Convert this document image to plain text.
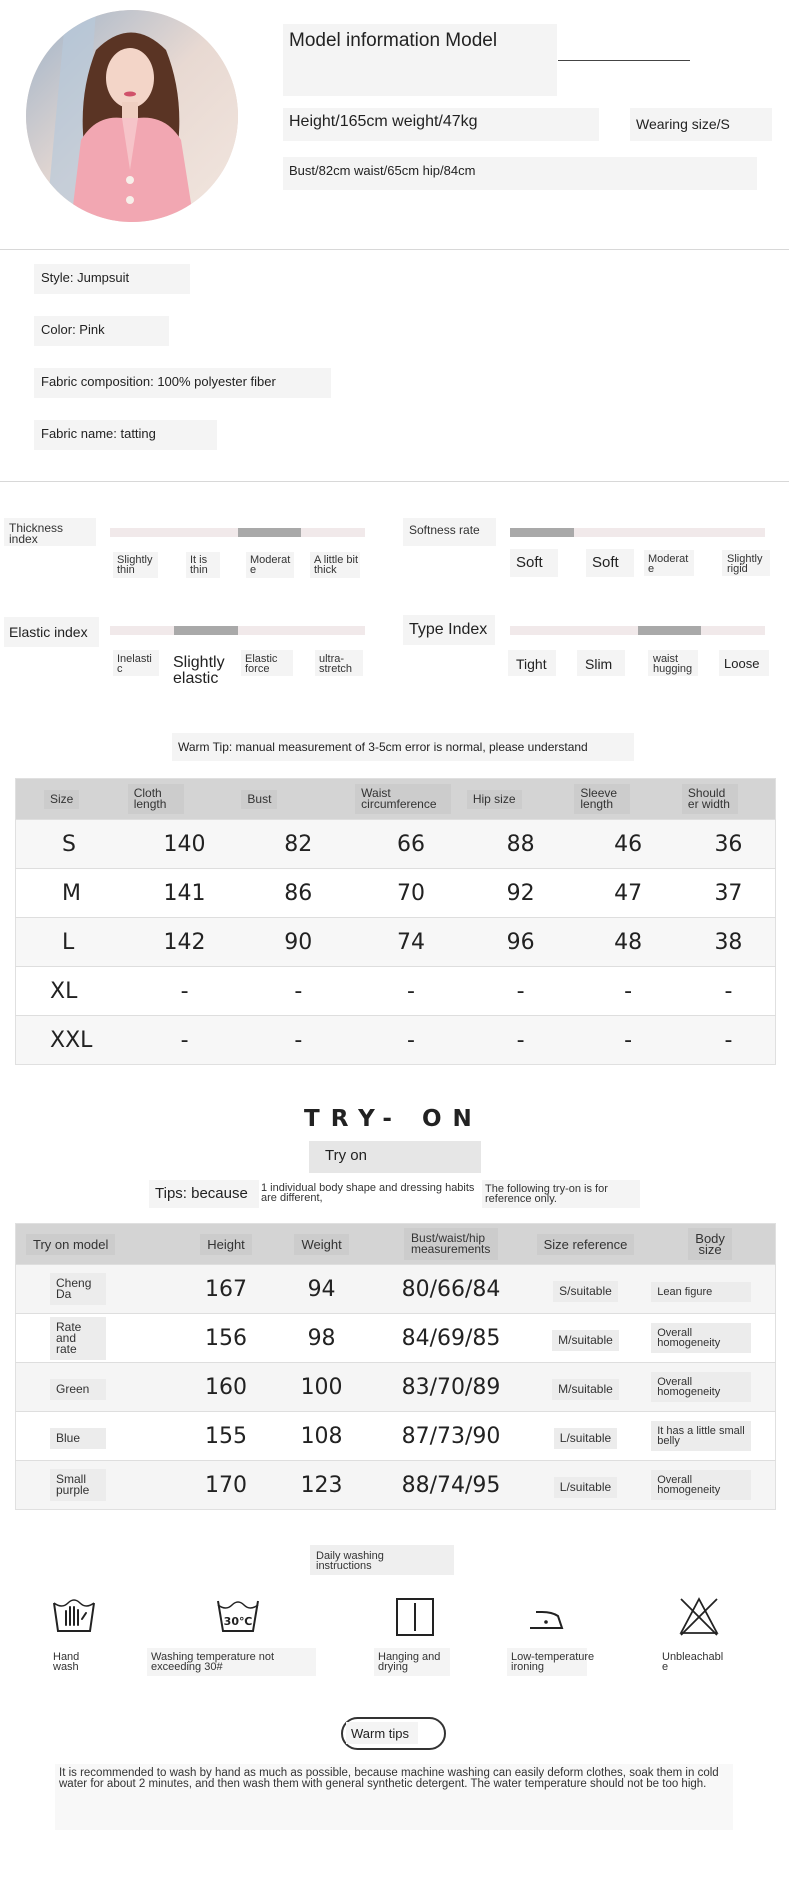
Model information Model
Height/165cm weight/47kg	Wearing size/S
Bust/82cm waist/65cm hip/84cm
Style: Jumpsuit
Color: Pink
Fabric composition: 100% polyester fiber
Fabric name: tatting
Thickness index
Slightly thin
It is thin
Moderate
A little bit thick
Softness rate
Soft	Soft	Moderate
Slightly rigid
Elastic index
Inelastic	Slightly elastic
Elastic force
ultra-stretch
Type Index
Tight	Slim	waist hugging	Loose
Warm Tip: manual measurement of 3-5cm error is normal, please understand
Size	Cloth length	Bust	Waist circumference	Hip size	Sleeve length	Shoulder width
S	140	82	66	88	46	36
M	141	86	70	92	47	37
L	142	90	74	96	48	38
XL	-	-	-	-	-	-
XXL	-	-	-	-	-	-
TRY- ON
Try on
Tips: because 1 individual body shape and dressing habits are different,
The following try-on is for reference only.
Try on model	Height	Weight	Bust/waist/hip measurements	Size reference	Body size
Cheng Da	167	94	80/66/84	S/suitable	Lean figure
Rate and rate	156	98	84/69/85	M/suitable	Overall homogeneity
Green	160	100	83/70/89	M/suitable	Overall homogeneity
Blue	155	108	87/73/90	L/suitable	It has a little small belly
Small purple	170	123	88/74/95	L/suitable	Overall homogeneity
Daily washing instructions
30℃
Hand wash
Washing temperature not exceeding 30#
Hanging and drying
Low-temperature ironing
Unbleachable
Warm tips
It is recommended to wash by hand as much as possible, because machine washing can easily deform clothes, soak them in cold water for about 2 minutes, and then wash them with general synthetic detergent. The water temperature should not be too high.
